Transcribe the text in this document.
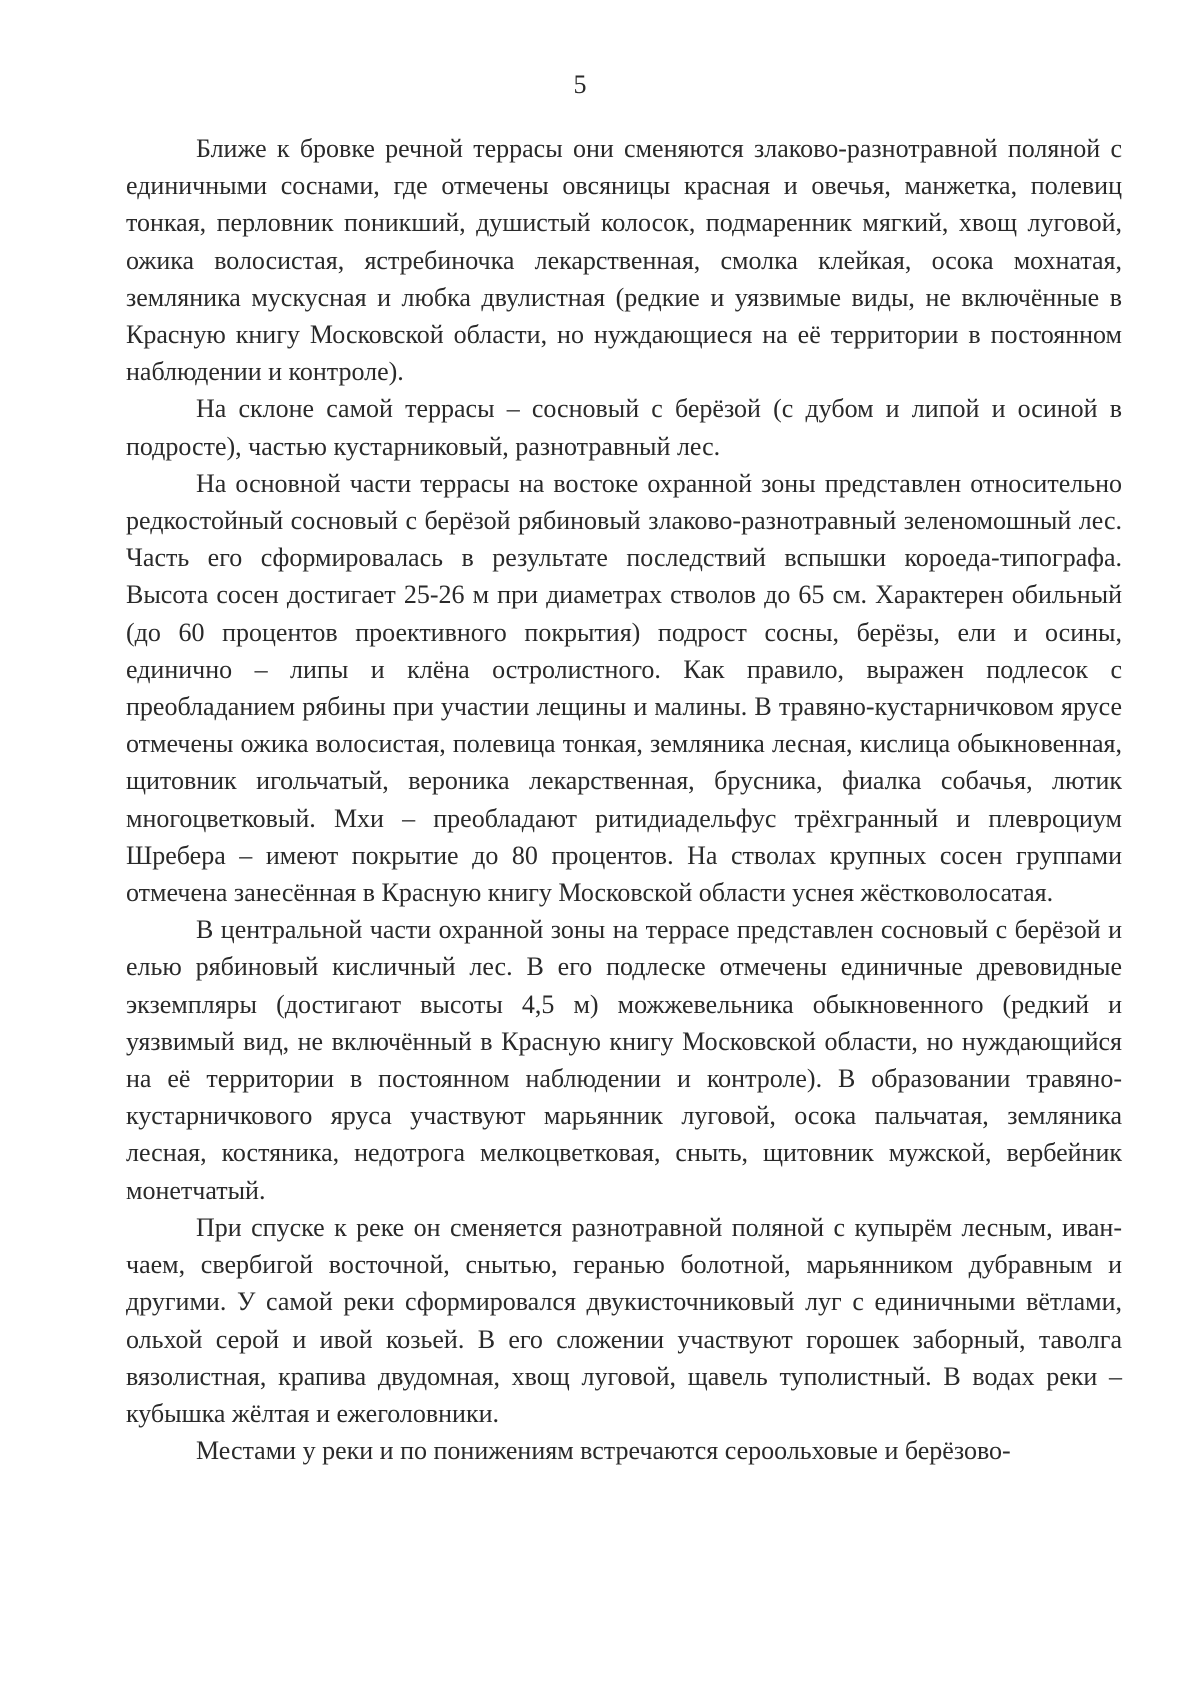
5

Ближе к бровке речной террасы они сменяются злаково-разнотравной поляной с единичными соснами, где отмечены овсяницы красная и овечья, манжетка, полевиц тонкая, перловник поникший, душистый колосок, подмаренник мягкий, хвощ луговой, ожика волосистая, ястребиночка лекарственная, смолка клейкая, осока мохнатая, земляника мускусная и любка двулистная (редкие и уязвимые виды, не включённые в Красную книгу Московской области, но нуждающиеся на её территории в постоянном наблюдении и контроле).

На склоне самой террасы – сосновый с берёзой (с дубом и липой и осиной в подросте), частью кустарниковый, разнотравный лес.

На основной части террасы на востоке охранной зоны представлен относительно редкостойный сосновый с берёзой рябиновый злаково-разнотравный зеленомошный лес. Часть его сформировалась в результате последствий вспышки короеда-типографа. Высота сосен достигает 25-26 м при диаметрах стволов до 65 см. Характерен обильный (до 60 процентов проективного покрытия) подрост сосны, берёзы, ели и осины, единично – липы и клёна остролистного. Как правило, выражен подлесок с преобладанием рябины при участии лещины и малины. В травяно-кустарничковом ярусе отмечены ожика волосистая, полевица тонкая, земляника лесная, кислица обыкновенная, щитовник игольчатый, вероника лекарственная, брусника, фиалка собачья, лютик многоцветковый. Мхи – преобладают ритидиадельфус трёхгранный и плевроциум Шребера – имеют покрытие до 80 процентов. На стволах крупных сосен группами отмечена занесённая в Красную книгу Московской области уснея жёстковолосатая.

В центральной части охранной зоны на террасе представлен сосновый с берёзой и елью рябиновый кисличный лес. В его подлеске отмечены единичные древовидные экземпляры (достигают высоты 4,5 м) можжевельника обыкновенного (редкий и уязвимый вид, не включённый в Красную книгу Московской области, но нуждающийся на её территории в постоянном наблюдении и контроле). В образовании травяно-кустарничкового яруса участвуют марьянник луговой, осока пальчатая, земляника лесная, костяника, недотрога мелкоцветковая, сныть, щитовник мужской, вербейник монетчатый.

При спуске к реке он сменяется разнотравной поляной с купырём лесным, иван-чаем, свербигой восточной, снытью, геранью болотной, марьянником дубравным и другими. У самой реки сформировался двукисточниковый луг с единичными вётлами, ольхой серой и ивой козьей. В его сложении участвуют горошек заборный, таволга вязолистная, крапива двудомная, хвощ луговой, щавель туполистный. В водах реки – кубышка жёлтая и ежеголовники.

Местами у реки и по понижениям встречаются сероольховые и берёзово-
